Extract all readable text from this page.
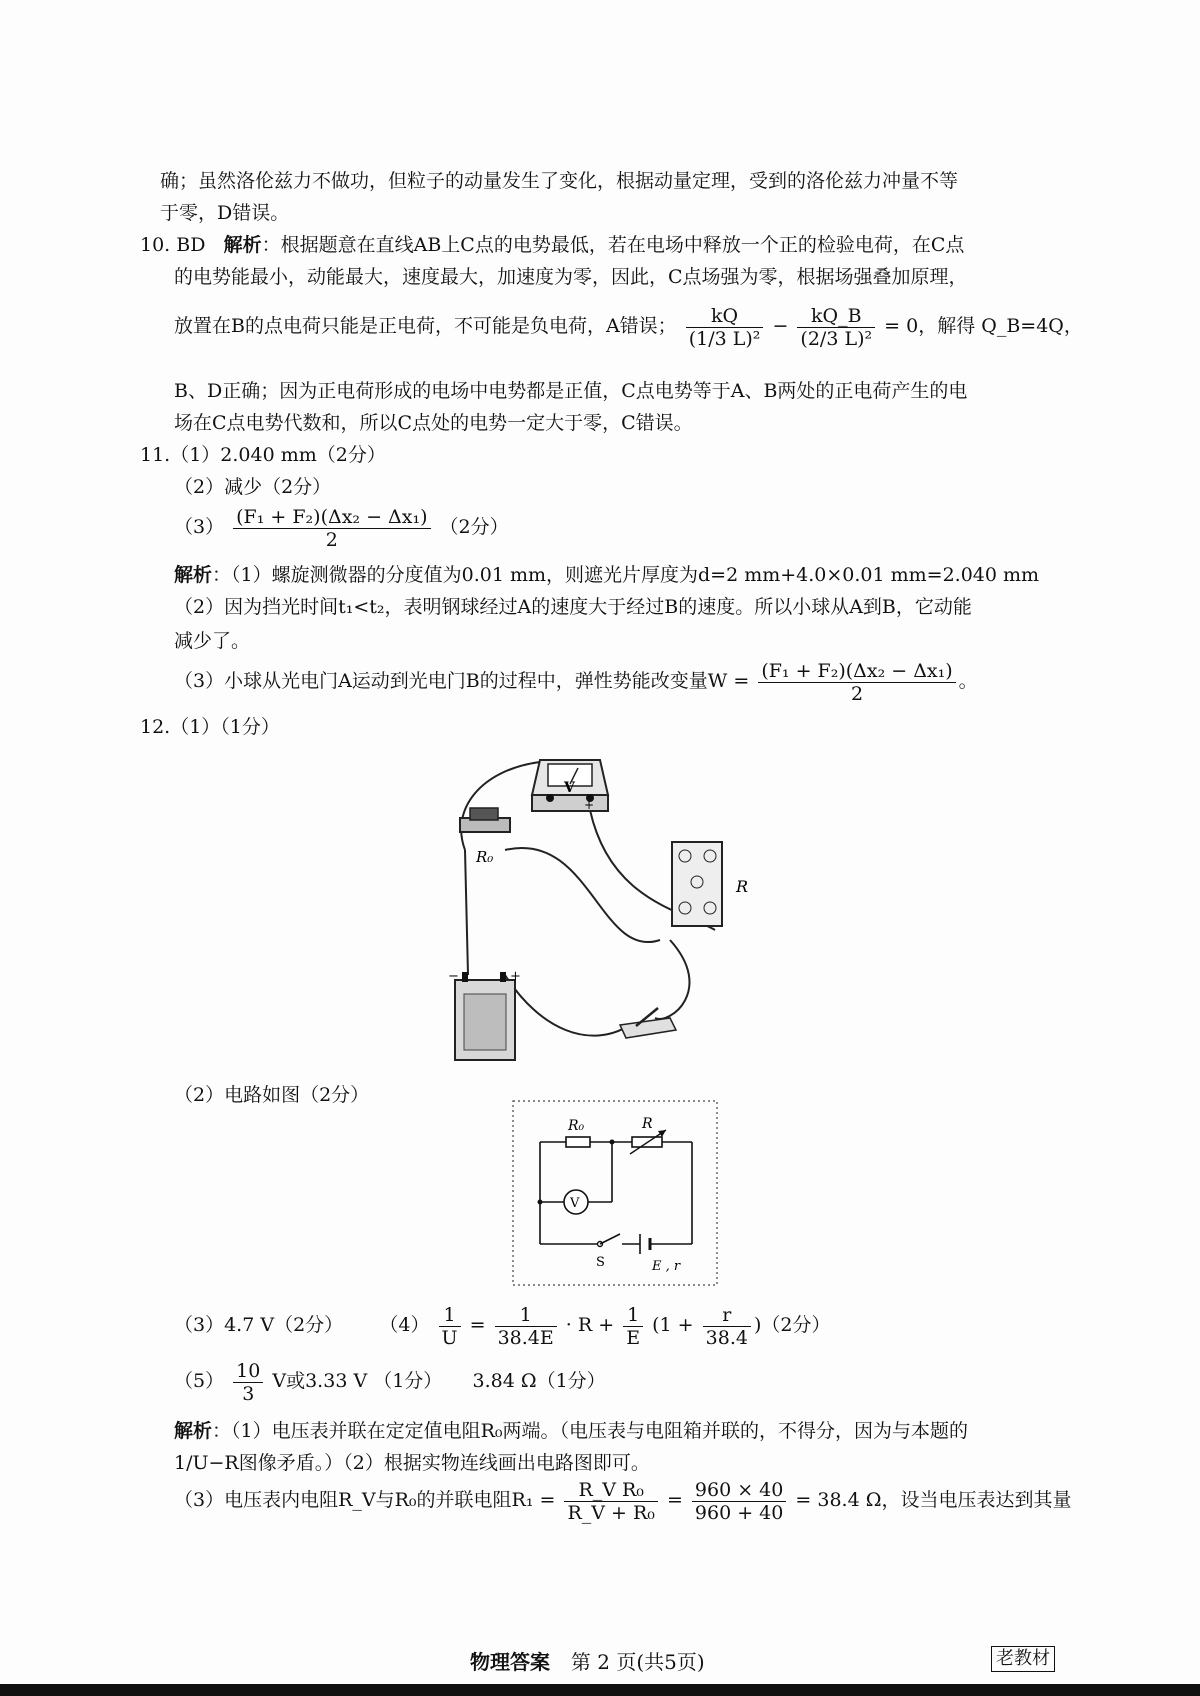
确；虽然洛伦兹力不做功，但粒子的动量发生了变化，根据动量定理，受到的洛伦兹力冲量不等
于零，D错误。
10. BD 解析：根据题意在直线AB上C点的电势最低，若在电场中释放一个正的检验电荷，在C点
的电势能最小，动能最大，速度最大，加速度为零，因此，C点场强为零，根据场强叠加原理，
放置在B的点电荷只能是正电荷，不可能是负电荷，A错误； $\frac{kQ}{\text{(1/3 L)²}} - \frac{kQ\_B}{\text{(2/3 L)²}} = 0$，解得 Q_B=4Q，
B、D正确；因为正电荷形成的电场中电势都是正值，C点电势等于A、B两处的正电荷产生的电
场在C点电势代数和，所以C点处的电势一定大于零，C错误。
11.（1）2.040 mm（2分）
（2）减少（2分）
$(3) \frac{\text{(F₁ + F₂)(Δx₂ − Δx₁)}}{2} (2$分）
解析：（1）螺旋测微器的分度值为0.01 mm，则遮光片厚度为d=2 mm+4.0×0.01 mm=2.040 mm
（2）因为挡光时间t₁<t₂，表明钢球经过A的速度大于经过B的速度。所以小球从A到B，它动能
减少了。
（3）小球从光电门A运动到光电门B的过程中，弹性势能改变量$W = \frac{\text{(F₁ + F₂)(Δx₂ − Δx₁)}}{2}$ 。
12.（1）（1分）
V
+
R₀
R
−	+
（2）电路如图（2分）
R₀	R
V
S	E , r
（3）4.7 V（2分） $(4) \frac{1}{U} = \frac{1}{38.4E} \cdot R + \frac{1}{E} (1 + \frac{r}{38.4} )(2$分）
$(5) \frac{10}{3}$ V或3.33 V （1分） 3.84 Ω（1分）
解析：（1）电压表并联在定定值电阻R₀两端。（电压表与电阻箱并联的，不得分，因为与本题的
1/U−R图像矛盾。）（2）根据实物连线画出电路图即可。
（3）电压表内电阻R_V与R₀的并联电阻$R_1 = \frac{\text{R\_V R₀}}{\text{R\_V + R₀}} = \frac{960 \times 40}{960 + 40} = 38.4$ Ω，设当电压表达到其量
物理答案 第 2 页(共5页)	老教材
